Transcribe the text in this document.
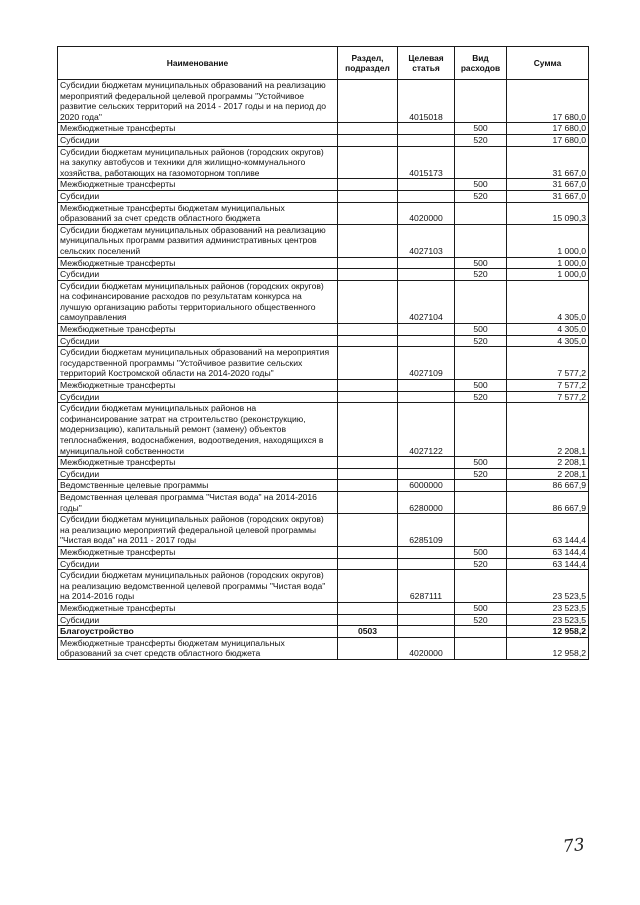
Наименование	Раздел, подраздел	Целевая статья	Вид расходов	Сумма
Субсидии бюджетам муниципальных образований на реализацию мероприятий федеральной целевой программы "Устойчивое развитие сельских территорий на 2014 - 2017 годы и на период до 2020 года"		4015018		17 680,0
Межбюджетные трансферты			500	17 680,0
Субсидии			520	17 680,0
Субсидии бюджетам муниципальных районов (городских округов) на закупку автобусов и техники для жилищно-коммунального хозяйства, работающих на газомоторном топливе		4015173		31 667,0
Межбюджетные трансферты			500	31 667,0
Субсидии			520	31 667,0
Межбюджетные трансферты бюджетам муниципальных образований за счет средств областного бюджета		4020000		15 090,3
Субсидии бюджетам муниципальных образований на реализацию муниципальных программ развития административных центров сельских поселений		4027103		1 000,0
Межбюджетные трансферты			500	1 000,0
Субсидии			520	1 000,0
Субсидии бюджетам муниципальных районов (городских округов) на софинансирование расходов по результатам конкурса на лучшую организацию работы территориального общественного самоуправления		4027104		4 305,0
Межбюджетные трансферты			500	4 305,0
Субсидии			520	4 305,0
Субсидии бюджетам муниципальных образований на мероприятия государственной программы "Устойчивое развитие сельских территорий Костромской области на 2014-2020 годы"		4027109		7 577,2
Межбюджетные трансферты			500	7 577,2
Субсидии			520	7 577,2
Субсидии бюджетам муниципальных районов на софинансирование затрат на строительство (реконструкцию, модернизацию), капитальный ремонт (замену) объектов теплоснабжения, водоснабжения, водоотведения, находящихся в муниципальной собственности		4027122		2 208,1
Межбюджетные трансферты			500	2 208,1
Субсидии			520	2 208,1
Ведомственные целевые программы		6000000		86 667,9
Ведомственная целевая программа "Чистая вода" на 2014-2016 годы"		6280000		86 667,9
Субсидии бюджетам муниципальных районов (городских округов) на реализацию мероприятий федеральной целевой программы "Чистая вода" на 2011 - 2017 годы		6285109		63 144,4
Межбюджетные трансферты			500	63 144,4
Субсидии			520	63 144,4
Субсидии бюджетам муниципальных районов (городских округов) на реализацию ведомственной целевой программы "Чистая вода" на 2014-2016 годы		6287111		23 523,5
Межбюджетные трансферты			500	23 523,5
Субсидии			520	23 523,5
Благоустройство	0503			12 958,2
Межбюджетные трансферты бюджетам муниципальных образований за счет средств областного бюджета		4020000		12 958,2
73
